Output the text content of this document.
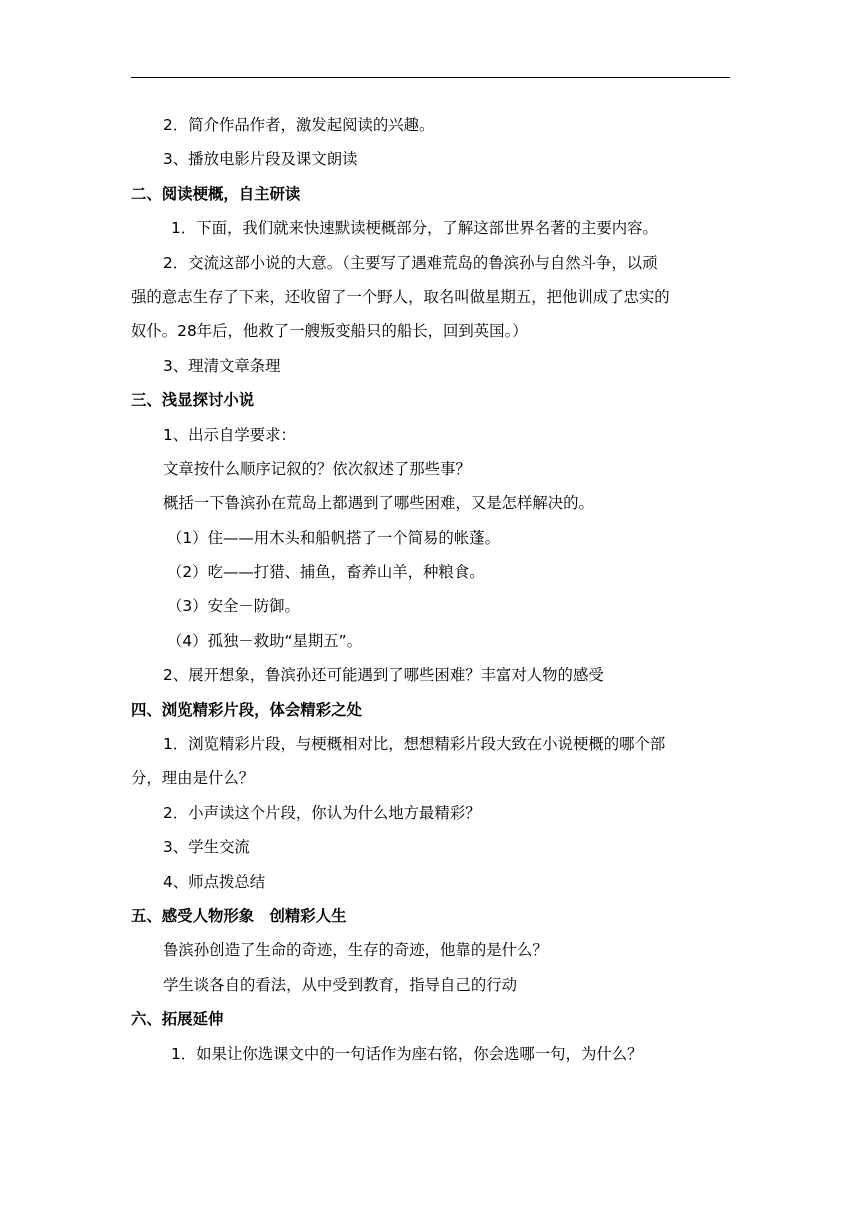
2．简介作品作者，激发起阅读的兴趣。
3、播放电影片段及课文朗读
二、阅读梗概，自主研读
1．下面，我们就来快速默读梗概部分，了解这部世界名著的主要内容。
2．交流这部小说的大意。（主要写了遇难荒岛的鲁滨孙与自然斗争，以顽
强的意志生存了下来，还收留了一个野人，取名叫做星期五，把他训成了忠实的
奴仆。28年后，他救了一艘叛变船只的船长，回到英国。）
3、理清文章条理
三、浅显探讨小说
1、出示自学要求：
文章按什么顺序记叙的？依次叙述了那些事？
概括一下鲁滨孙在荒岛上都遇到了哪些困难，又是怎样解决的。
（1）住——用木头和船帆搭了一个简易的帐蓬。
（2）吃——打猎、捕鱼，畜养山羊，种粮食。
（3）安全－防御。
（4）孤独－救助“星期五”。
2、展开想象，鲁滨孙还可能遇到了哪些困难？丰富对人物的感受
四、浏览精彩片段，体会精彩之处
1．浏览精彩片段，与梗概相对比，想想精彩片段大致在小说梗概的哪个部
分，理由是什么？
2．小声读这个片段，你认为什么地方最精彩？
3、学生交流
4、师点拨总结
五、感受人物形象　创精彩人生
鲁滨孙创造了生命的奇迹，生存的奇迹，他靠的是什么？
学生谈各自的看法，从中受到教育，指导自己的行动
六、拓展延伸
1．如果让你选课文中的一句话作为座右铭，你会选哪一句，为什么？
